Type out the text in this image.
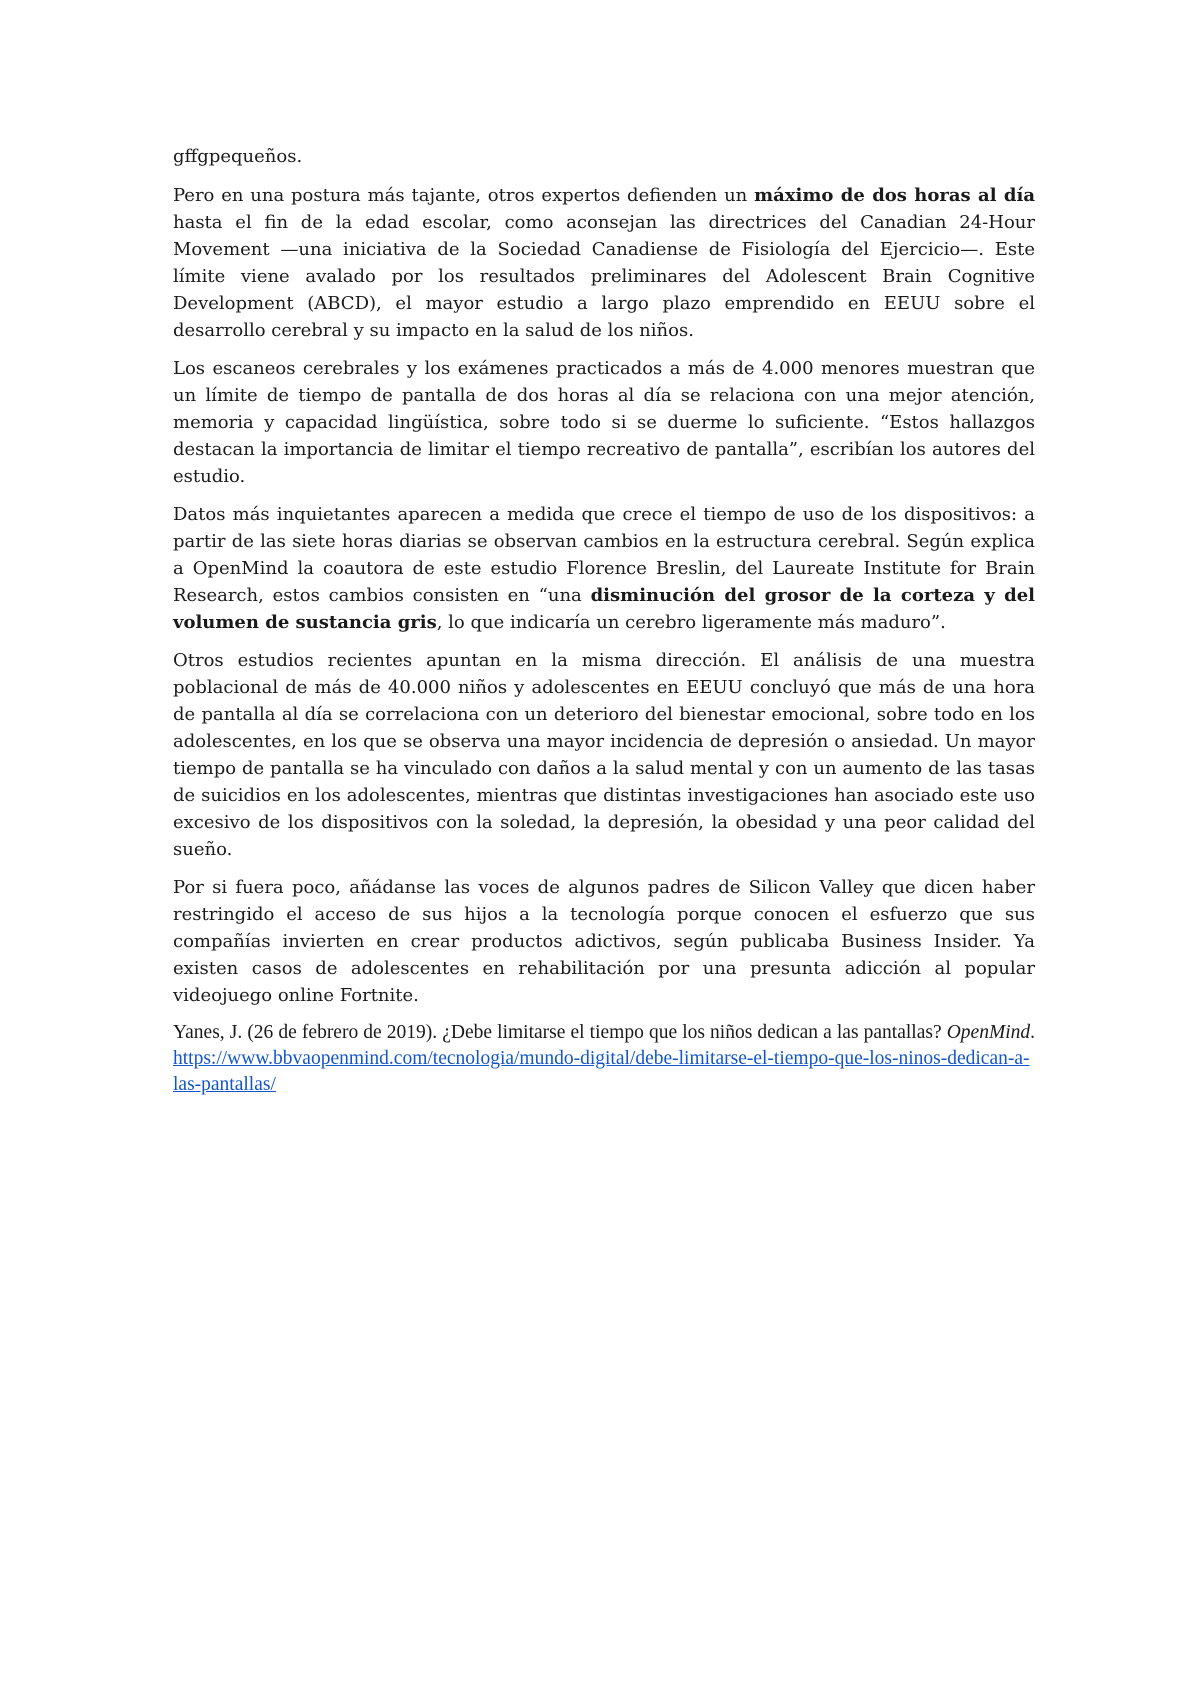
gffgpequeños.

Pero en una postura más tajante, otros expertos defienden un máximo de dos horas al día hasta el fin de la edad escolar, como aconsejan las directrices del Canadian 24-Hour Movement —una iniciativa de la Sociedad Canadiense de Fisiología del Ejercicio—. Este límite viene avalado por los resultados preliminares del Adolescent Brain Cognitive Development (ABCD), el mayor estudio a largo plazo emprendido en EEUU sobre el desarrollo cerebral y su impacto en la salud de los niños.

Los escaneos cerebrales y los exámenes practicados a más de 4.000 menores muestran que un límite de tiempo de pantalla de dos horas al día se relaciona con una mejor atención, memoria y capacidad lingüística, sobre todo si se duerme lo suficiente. “Estos hallazgos destacan la importancia de limitar el tiempo recreativo de pantalla”, escribían los autores del estudio.

Datos más inquietantes aparecen a medida que crece el tiempo de uso de los dispositivos: a partir de las siete horas diarias se observan cambios en la estructura cerebral. Según explica a OpenMind la coautora de este estudio Florence Breslin, del Laureate Institute for Brain Research, estos cambios consisten en “una disminución del grosor de la corteza y del volumen de sustancia gris, lo que indicaría un cerebro ligeramente más maduro”.

Otros estudios recientes apuntan en la misma dirección. El análisis de una muestra poblacional de más de 40.000 niños y adolescentes en EEUU concluyó que más de una hora de pantalla al día se correlaciona con un deterioro del bienestar emocional, sobre todo en los adolescentes, en los que se observa una mayor incidencia de depresión o ansiedad. Un mayor tiempo de pantalla se ha vinculado con daños a la salud mental y con un aumento de las tasas de suicidios en los adolescentes, mientras que distintas investigaciones han asociado este uso excesivo de los dispositivos con la soledad, la depresión, la obesidad y una peor calidad del sueño.

Por si fuera poco, añádanse las voces de algunos padres de Silicon Valley que dicen haber restringido el acceso de sus hijos a la tecnología porque conocen el esfuerzo que sus compañías invierten en crear productos adictivos, según publicaba Business Insider. Ya existen casos de adolescentes en rehabilitación por una presunta adicción al popular videojuego online Fortnite.

Yanes, J. (26 de febrero de 2019). ¿Debe limitarse el tiempo que los niños dedican a las pantallas? OpenMind. https://www.bbvaopenmind.com/tecnologia/mundo-digital/debe-limitarse-el-tiempo-que-los-ninos-dedican-a-las-pantallas/
